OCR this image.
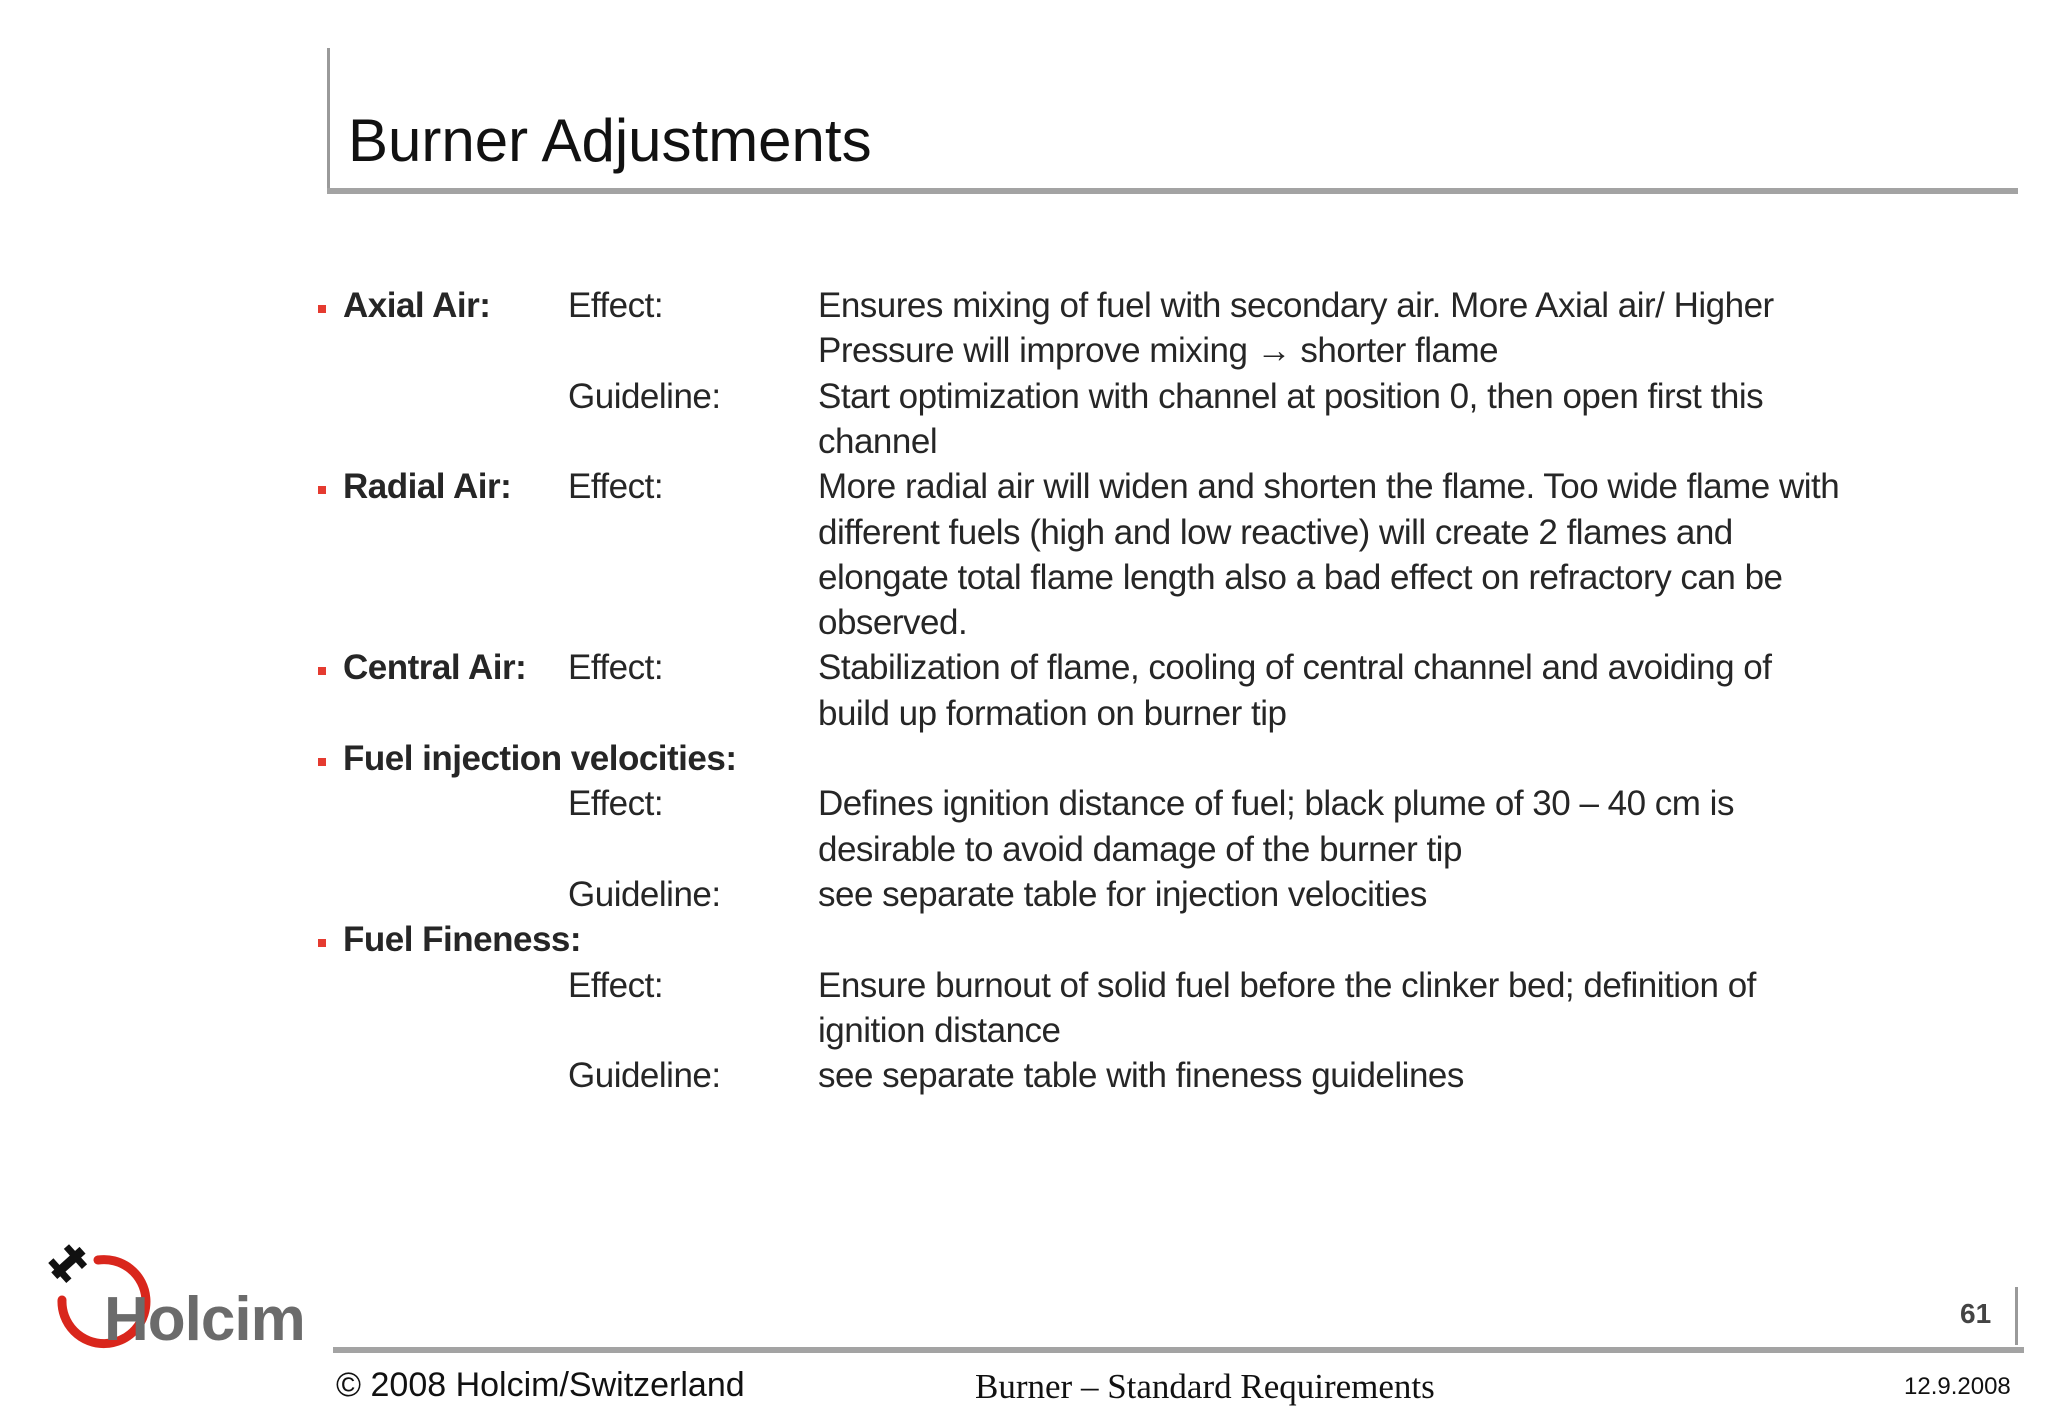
Burner Adjustments
Axial Air: Effect:	Ensures mixing of fuel with secondary air. More Axial air/ Higher
Pressure will improve mixing → shorter flame
Guideline:	Start optimization with channel at position 0, then open first this
channel
Radial Air: Effect:	More radial air will widen and shorten the flame. Too wide flame with
different fuels (high and low reactive) will create 2 flames and
elongate total flame length also a bad effect on refractory can be
observed.
Central Air: Effect:	Stabilization of flame, cooling of central channel and avoiding of
build up formation on burner tip
Fuel injection velocities:
Effect:	Defines ignition distance of fuel; black plume of 30 – 40 cm is
desirable to avoid damage of the burner tip
Guideline:	see separate table for injection velocities
Fuel Fineness:
Effect:	Ensure burnout of solid fuel before the clinker bed; definition of
ignition distance
Guideline:	see separate table with fineness guidelines
Holcim	61
© 2008 Holcim/Switzerland	Burner – Standard Requirements	12.9.2008
